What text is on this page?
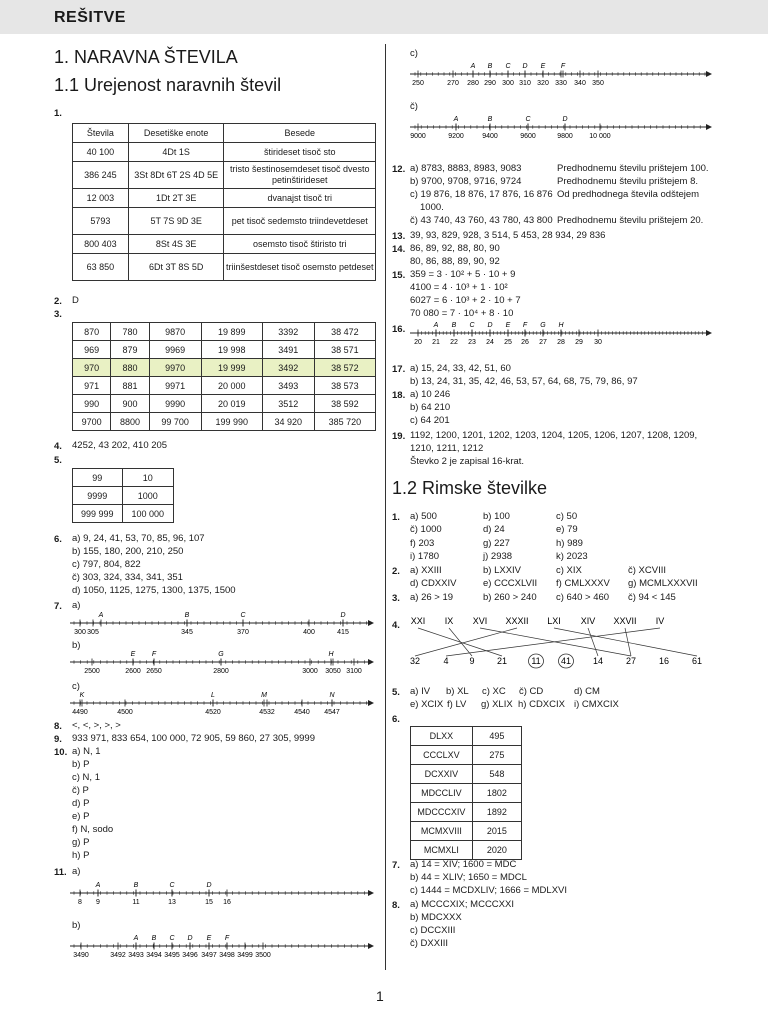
REŠITVE
1. NARAVNA ŠTEVILA
1.1 Urejenost naravnih števil
1.
Števila	Desetiške enote	Besede
40 100	4Dt 1S	štirideset tisoč sto
386 245	3St 8Dt 6T 2S 4D 5E	tristo šestinosemdeset tisoč dvesto petinštirideset
12 003	1Dt 2T 3E	dvanajst tisoč tri
5793	5T 7S 9D 3E	pet tisoč sedemsto triindevetdeset
800 403	8St 4S 3E	osemsto tisoč štiristo tri
63 850	6Dt 3T 8S 5D	triinšestdeset tisoč osemsto petdeset
2. D
3.
870	780	9870	19 899	3392	38 472
969	879	9969	19 998	3491	38 571
970	880	9970	19 999	3492	38 572
971	881	9971	20 000	3493	38 573
990	900	9990	20 019	3512	38 592
9700	8800	99 700	199 990	34 920	385 720
4. 4252, 43 202, 410 205
5.
99	10
9999	1000
999 999	100 000
6. a) 9, 24, 41, 53, 70, 85, 96, 107
b) 155, 180, 200, 210, 250
c) 797, 804, 822
č) 303, 324, 334, 341, 351
d) 1050, 1125, 1275, 1300, 1375, 1500
7. a)
300 305	345	370	400	415
A	B	C	D
2500	2600 2650	2800	3000 3050 3100
E F	G	H
4490	4500	4520	4532	4540 4547
K	L	M	N
8 9	11	13	15 16
A	B	C	D
3490	3492 3493 3494 3495 3496 3497 3498 3499 3500
A B C D E F
250	270 280 290 300 310 320 330 340 350
A B C D E F
9000	9200	9400	9600	9800 10 000
A	B	C	D
20 21 22 23 24 25 26 27 28 29 30
A B C D E F G H
b)
c)
8. <, <, >, >, >
9. 933 971, 833 654, 100 000, 72 905, 59 860, 27 305, 9999
10. a) N, 1
b) P
c) N, 1
č) P
d) P
e) P
f) N, sodo
g) P
h) P
11. a)
b)
c)
č)
12. a) 8783, 8883, 8983, 9083	Predhodnemu številu prištejem 100.
b) 9700, 9708, 9716, 9724	Predhodnemu številu prištejem 8.
c) 19 876, 18 876, 17 876, 16 876 Od predhodnega števila odštejem
1000.
č) 43 740, 43 760, 43 780, 43 800 Predhodnemu številu prištejem 20.
13. 39, 93, 829, 928, 3 514, 5 453, 28 934, 29 836
14. 86, 89, 92, 88, 80, 90
80, 86, 88, 89, 90, 92
15. 359 = 3 · 10² + 5 · 10 + 9
4100 = 4 · 10³ + 1 · 10²
6027 = 6 · 10³ + 2 · 10 + 7
70 080 = 7 · 10⁴ + 8 · 10
16.
17. a) 15, 24, 33, 42, 51, 60
b) 13, 24, 31, 35, 42, 46, 53, 57, 64, 68, 75, 79, 86, 97
18. a) 10 246
b) 64 210
c) 64 201
19. 1192, 1200, 1201, 1202, 1203, 1204, 1205, 1206, 1207, 1208, 1209,
1210, 1211, 1212
Števko 2 je zapisal 16-krat.
1.2 Rimske številke
1. a) 500	b) 100	c) 50
č) 1000	d) 24	e) 79
f) 203	g) 227	h) 989
i) 1780	j) 2938	k) 2023
2. a) XXIII	b) LXXIV	c) XIX	č) XCVIII
d) CDXXIV	e) CCCXLVII f) CMLXXXV g) MCMLXXXVII
3. a) 26 > 19	b) 260 > 240 c) 640 > 460 č) 94 < 145
4. XXI IX XVI XXXII LXI XIV XXVII IV
32	4 9 21	11 41 14	27	16	61
5. a) IV b) XL c) XC č) CD	d) CM
e) XCIX f) LV g) XLIX h) CDXCIX i) CMXCIX
6.
DLXX	495
CCCLXV	275
DCXXIV	548
MDCCLIV	1802
MDCCCXIV	1892
MCMXVIII	2015
MCMXLI	2020
7. a) 14 = XIV; 1600 = MDC
b) 44 = XLIV; 1650 = MDCL
c) 1444 = MCDXLIV; 1666 = MDLXVI
8. a) MCCCXIX; MCCCXXI
b) MDCXXX
c) DCCXIII
č) DXXIII
1
